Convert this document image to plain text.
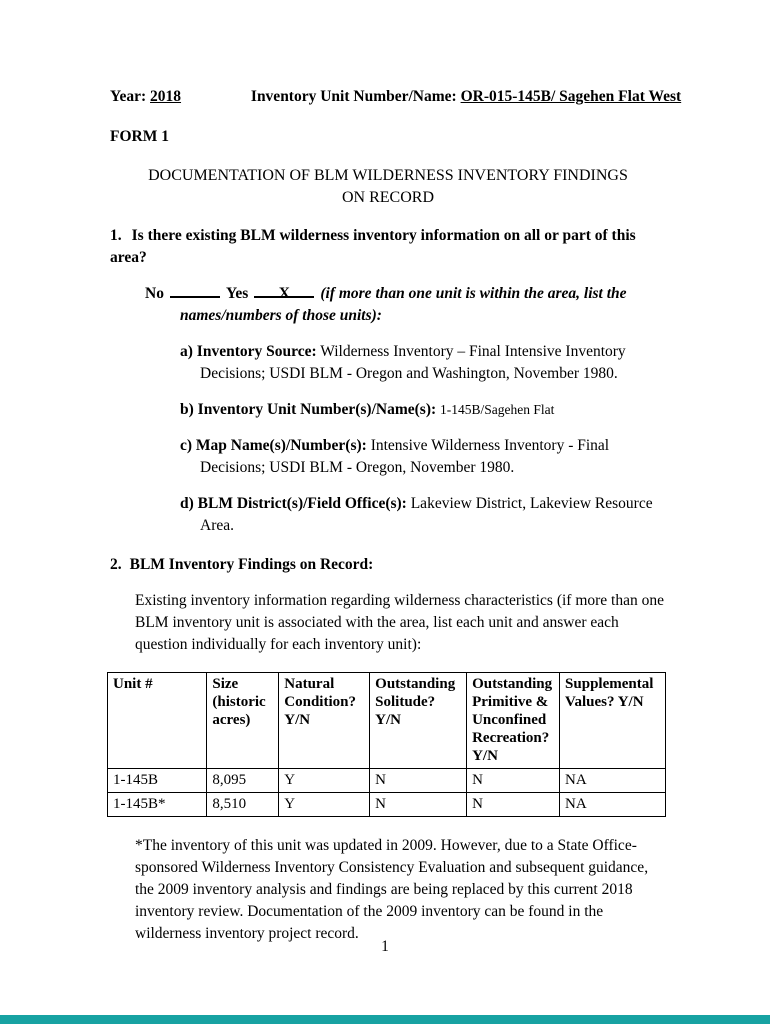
Year: 2018	Inventory Unit Number/Name: OR-015-145B/ Sagehen Flat West
FORM 1
DOCUMENTATION OF BLM WILDERNESS INVENTORY FINDINGS ON RECORD
1. Is there existing BLM wilderness inventory information on all or part of this area?
No	Yes X (if more than one unit is within the area, list the names/numbers of those units):
a) Inventory Source: Wilderness Inventory – Final Intensive Inventory Decisions; USDI BLM - Oregon and Washington, November 1980.
b) Inventory Unit Number(s)/Name(s): 1-145B/Sagehen Flat
c) Map Name(s)/Number(s): Intensive Wilderness Inventory - Final Decisions; USDI BLM - Oregon, November 1980.
d) BLM District(s)/Field Office(s): Lakeview District, Lakeview Resource Area.
2. BLM Inventory Findings on Record:

Existing inventory information regarding wilderness characteristics (if more than one BLM inventory unit is associated with the area, list each unit and answer each question individually for each inventory unit):

Unit #	Size (historic acres)	Natural Condition? Y/N	Outstanding Solitude? Y/N	Outstanding Primitive & Unconfined Recreation? Y/N	Supplemental Values? Y/N
1-145B	8,095	Y	N	N	NA
1-145B*	8,510	Y	N	N	NA

*The inventory of this unit was updated in 2009. However, due to a State Office-sponsored Wilderness Inventory Consistency Evaluation and subsequent guidance, the 2009 inventory analysis and findings are being replaced by this current 2018 inventory review. Documentation of the 2009 inventory can be found in the wilderness inventory project record.

1
